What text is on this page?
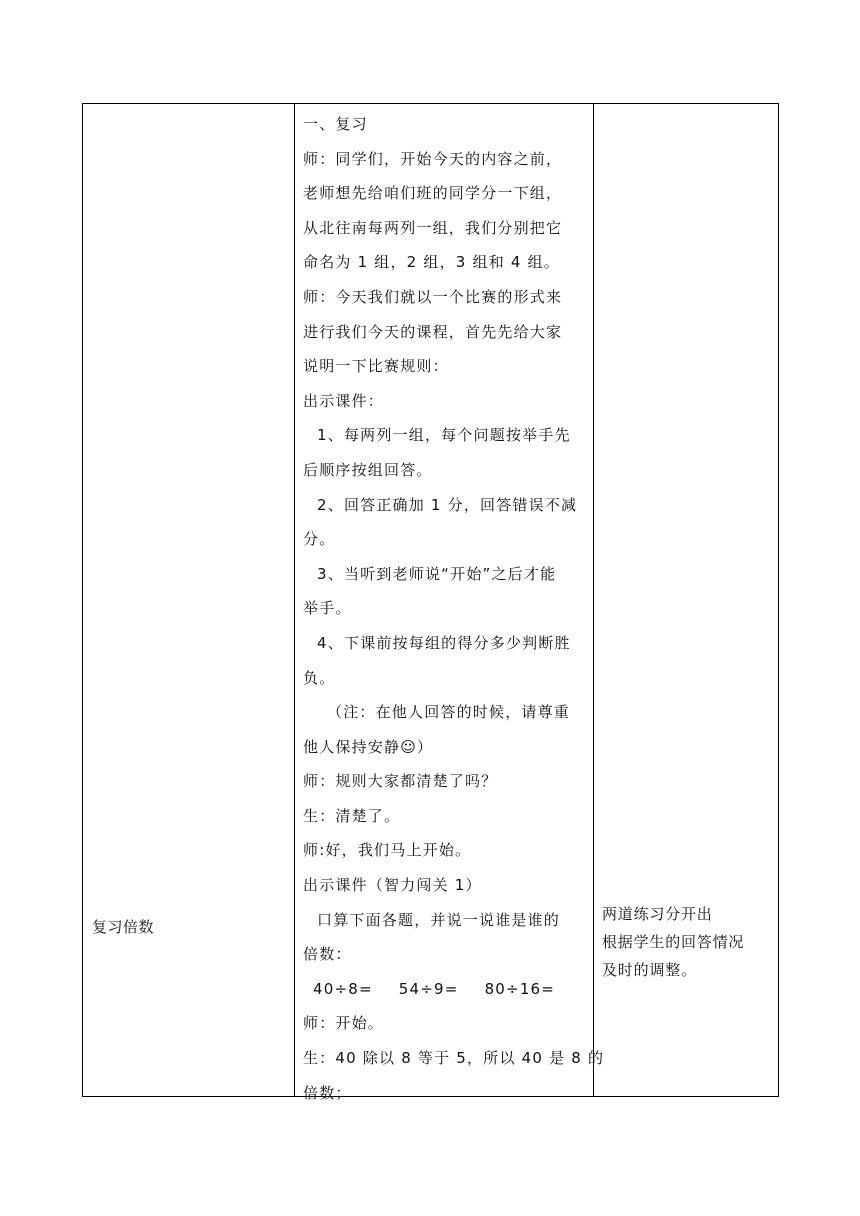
复习倍数
一、复习
师：同学们，开始今天的内容之前，
老师想先给咱们班的同学分一下组，
从北往南每两列一组，我们分别把它
命名为 1 组，2 组，3 组和 4 组。
师：今天我们就以一个比赛的形式来
进行我们今天的课程，首先先给大家
说明一下比赛规则：
出示课件：
1、每两列一组，每个问题按举手先
后顺序按组回答。
2、回答正确加 1 分，回答错误不减
分。
3、当听到老师说“开始”之后才能
举手。
4、下课前按每组的得分多少判断胜
负。
（注：在他人回答的时候，请尊重
他人保持安静☺）
师：规则大家都清楚了吗？
生：清楚了。
师:好，我们马上开始。
出示课件（智力闯关 1）
口算下面各题，并说一说谁是谁的
倍数：
40÷8= 54÷9= 80÷16=
师：开始。
生：40 除以 8 等于 5，所以 40 是 8 的
倍数；
两道练习分开出
根据学生的回答情况
及时的调整。
